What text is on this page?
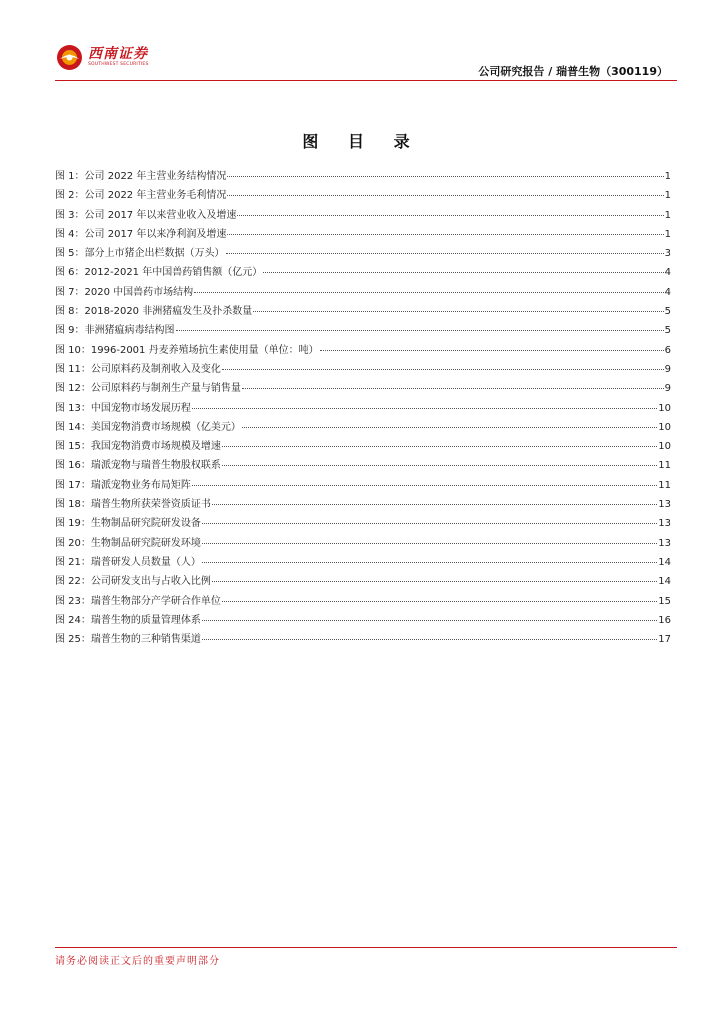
西南证券
SOUTHWEST SECURITIES
公司研究报告 / 瑞普生物（300119）
图 目 录
图 1：公司 2022 年主营业务结构情况	1
图 2：公司 2022 年主营业务毛利情况	1
图 3：公司 2017 年以来营业收入及增速	1
图 4：公司 2017 年以来净利润及增速	1
图 5：部分上市猪企出栏数据（万头）	3
图 6：2012-2021 年中国兽药销售额（亿元）	4
图 7：2020 中国兽药市场结构	4
图 8：2018-2020 非洲猪瘟发生及扑杀数量	5
图 9：非洲猪瘟病毒结构图	5
图 10：1996-2001 丹麦养殖场抗生素使用量（单位：吨）	6
图 11：公司原料药及制剂收入及变化	9
图 12：公司原料药与制剂生产量与销售量	9
图 13：中国宠物市场发展历程	10
图 14：美国宠物消费市场规模（亿美元）	10
图 15：我国宠物消费市场规模及增速	10
图 16：瑞派宠物与瑞普生物股权联系	11
图 17：瑞派宠物业务布局矩阵	11
图 18：瑞普生物所获荣誉资质证书	13
图 19：生物制品研究院研发设备	13
图 20：生物制品研究院研发环境	13
图 21：瑞普研发人员数量（人）	14
图 22：公司研发支出与占收入比例	14
图 23：瑞普生物部分产学研合作单位	15
图 24：瑞普生物的质量管理体系	16
图 25：瑞普生物的三种销售渠道	17
请务必阅读正文后的重要声明部分
